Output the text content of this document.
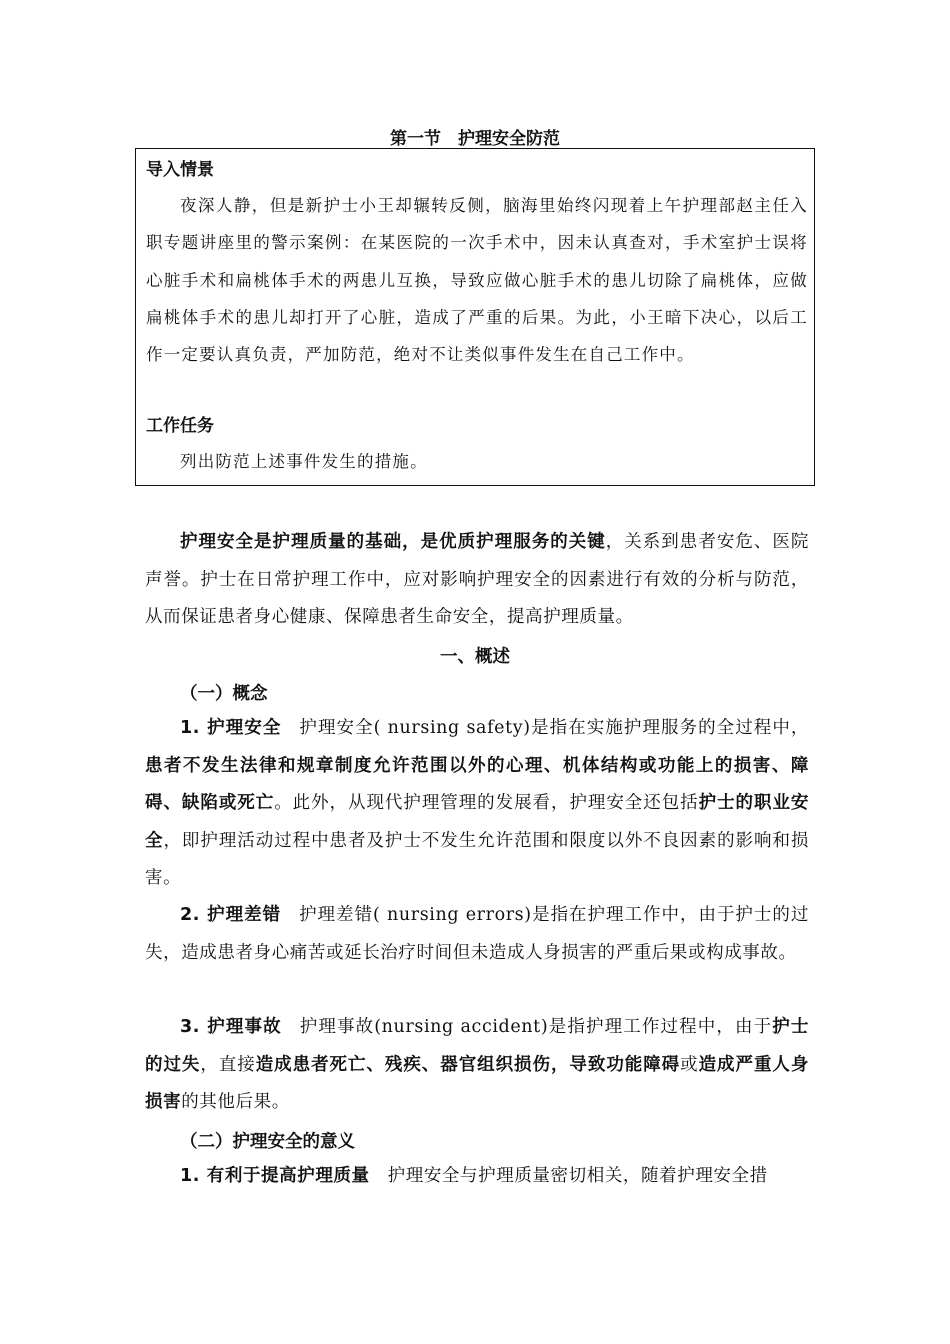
第一节　护理安全防范
导入情景
夜深人静，但是新护士小王却辗转反侧，脑海里始终闪现着上午护理部赵主任入职专题讲座里的警示案例：在某医院的一次手术中，因未认真查对，手术室护士误将心脏手术和扁桃体手术的两患儿互换，导致应做心脏手术的患儿切除了扁桃体，应做扁桃体手术的患儿却打开了心脏，造成了严重的后果。为此，小王暗下决心，以后工作一定要认真负责，严加防范，绝对不让类似事件发生在自己工作中。
工作任务
列出防范上述事件发生的措施。
护理安全是护理质量的基础，是优质护理服务的关键，关系到患者安危、医院声誉。护士在日常护理工作中，应对影响护理安全的因素进行有效的分析与防范，从而保证患者身心健康、保障患者生命安全，提高护理质量。
一、概述
（一）概念
1. 护理安全 护理安全( nursing safety)是指在实施护理服务的全过程中，患者不发生法律和规章制度允许范围以外的心理、机体结构或功能上的损害、障碍、缺陷或死亡。此外，从现代护理管理的发展看，护理安全还包括护士的职业安全，即护理活动过程中患者及护士不发生允许范围和限度以外不良因素的影响和损害。
2. 护理差错 护理差错( nursing errors)是指在护理工作中，由于护士的过失，造成患者身心痛苦或延长治疗时间但未造成人身损害的严重后果或构成事故。
3. 护理事故 护理事故(nursing accident)是指护理工作过程中，由于护士的过失，直接造成患者死亡、残疾、器官组织损伤，导致功能障碍或造成严重人身损害的其他后果。
（二）护理安全的意义
1. 有利于提高护理质量 护理安全与护理质量密切相关，随着护理安全措
